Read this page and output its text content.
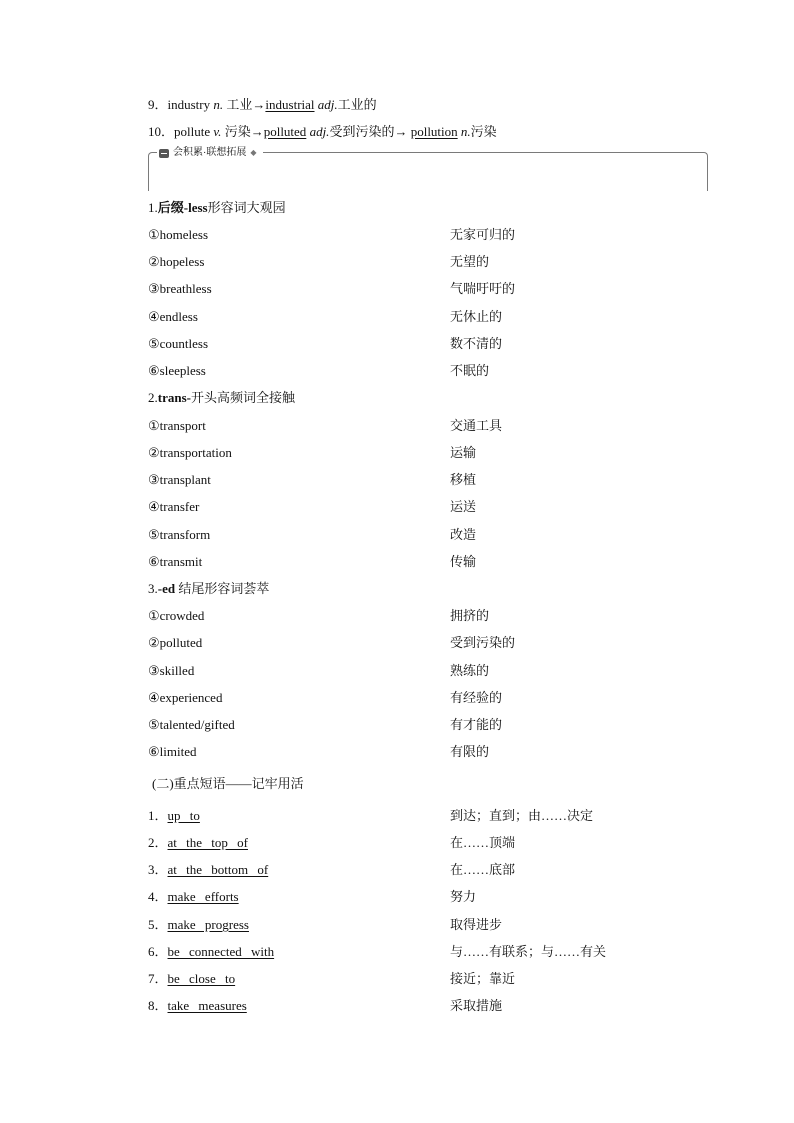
9．industry n. 工业→industrial adj.工业的
10．pollute v. 污染→polluted adj.受到污染的→ pollution n.污染
会积累·联想拓展 ◆
1.后缀-less形容词大观园
①homeless	无家可归的
②hopeless	无望的
③breathless	气喘吁吁的
④endless	无休止的
⑤countless	数不清的
⑥sleepless	不眠的
2.trans-开头高频词全接触
①transport	交通工具
②transportation	运输
③transplant	移植
④transfer	运送
⑤transform	改造
⑥transmit	传输
3.-ed 结尾形容词荟萃
①crowded	拥挤的
②polluted	受到污染的
③skilled	熟练的
④experienced	有经验的
⑤talented/gifted	有才能的
⑥limited	有限的
(二)重点短语——记牢用活
1．up to	到达；直到；由……决定
2．at the top of	在……顶端
3．at the bottom of	在……底部
4．make efforts	努力
5．make progress	取得进步
6．be connected with	与……有联系；与……有关
7．be close to	接近；靠近
8．take measures	采取措施
